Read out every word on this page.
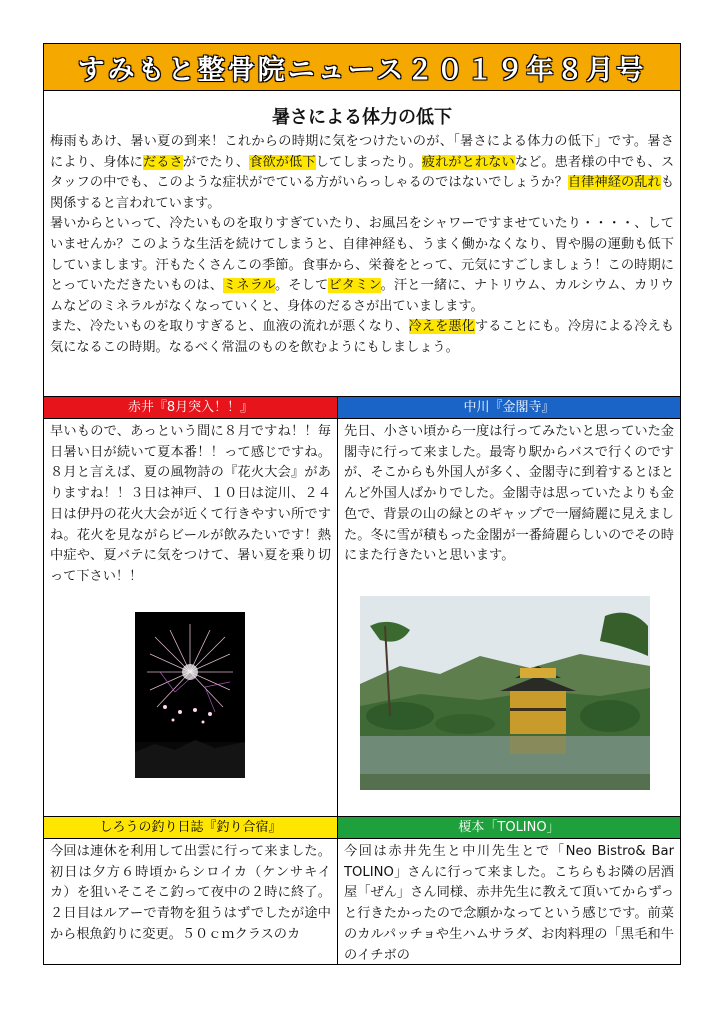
すみもと整骨院ニュース２０１９年８月号
暑さによる体力の低下
梅雨もあけ、暑い夏の到来！これからの時期に気をつけたいのが、「暑さによる体力の低下」です。暑さにより、身体にだるさがでたり、食欲が低下してしまったり。疲れがとれないなど。患者様の中でも、スタッフの中でも、このような症状がでている方がいらっしゃるのではないでしょうか？自律神経の乱れも関係すると言われています。
暑いからといって、冷たいものを取りすぎていたり、お風呂をシャワーですませていたり・・・・、していませんか？このような生活を続けてしまうと、自律神経も、うまく働かなくなり、胃や腸の運動も低下していまします。汗もたくさんこの季節。食事から、栄養をとって、元気にすごしましょう！この時期にとっていただきたいものは、ミネラル。そしてビタミン。汗と一緒に、ナトリウム、カルシウム、カリウムなどのミネラルがなくなっていくと、身体のだるさが出ていまします。
また、冷たいものを取りすぎると、血液の流れが悪くなり、冷えを悪化することにも。冷房による冷えも気になるこの時期。なるべく常温のものを飲むようにもしましょう。
赤井『8月突入！！』
早いもので、あっという間に８月ですね！！毎日暑い日が続いて夏本番！！って感じですね。８月と言えば、夏の風物詩の『花火大会』がありますね！！３日は神戸、１０日は淀川、２４日は伊丹の花火大会が近くて行きやすい所ですね。花火を見ながらビールが飲みたいです！熱中症や、夏バテに気をつけて、暑い夏を乗り切って下さい！！
中川『金閣寺』
先日、小さい頃から一度は行ってみたいと思っていた金閣寺に行って来ました。最寄り駅からバスで行くのですが、そこからも外国人が多く、金閣寺に到着するとほとんど外国人ばかりでした。金閣寺は思っていたよりも金色で、背景の山の緑とのギャップで一層綺麗に見えました。冬に雪が積もった金閣が一番綺麗らしいのでその時にまた行きたいと思います。
しろうの釣り日誌『釣り合宿』
今回は連休を利用して出雲に行って来ました。初日は夕方６時頃からシロイカ（ケンサキイカ）を狙いそこそこ釣って夜中の２時に終了。２日目はルアーで青物を狙うはずでしたが途中から根魚釣りに変更。５０ｃｍクラスのカ
榎本「TOLINO」
今回は赤井先生と中川先生とで「Neo Bistro& Bar TOLINO」さんに行って来ました。こちらもお隣の居酒屋「ぜん」さん同様、赤井先生に教えて頂いてからずっと行きたかったので念願かなってという感じです。前菜のカルパッチョや生ハムサラダ、お肉料理の「黒毛和牛のイチボの
